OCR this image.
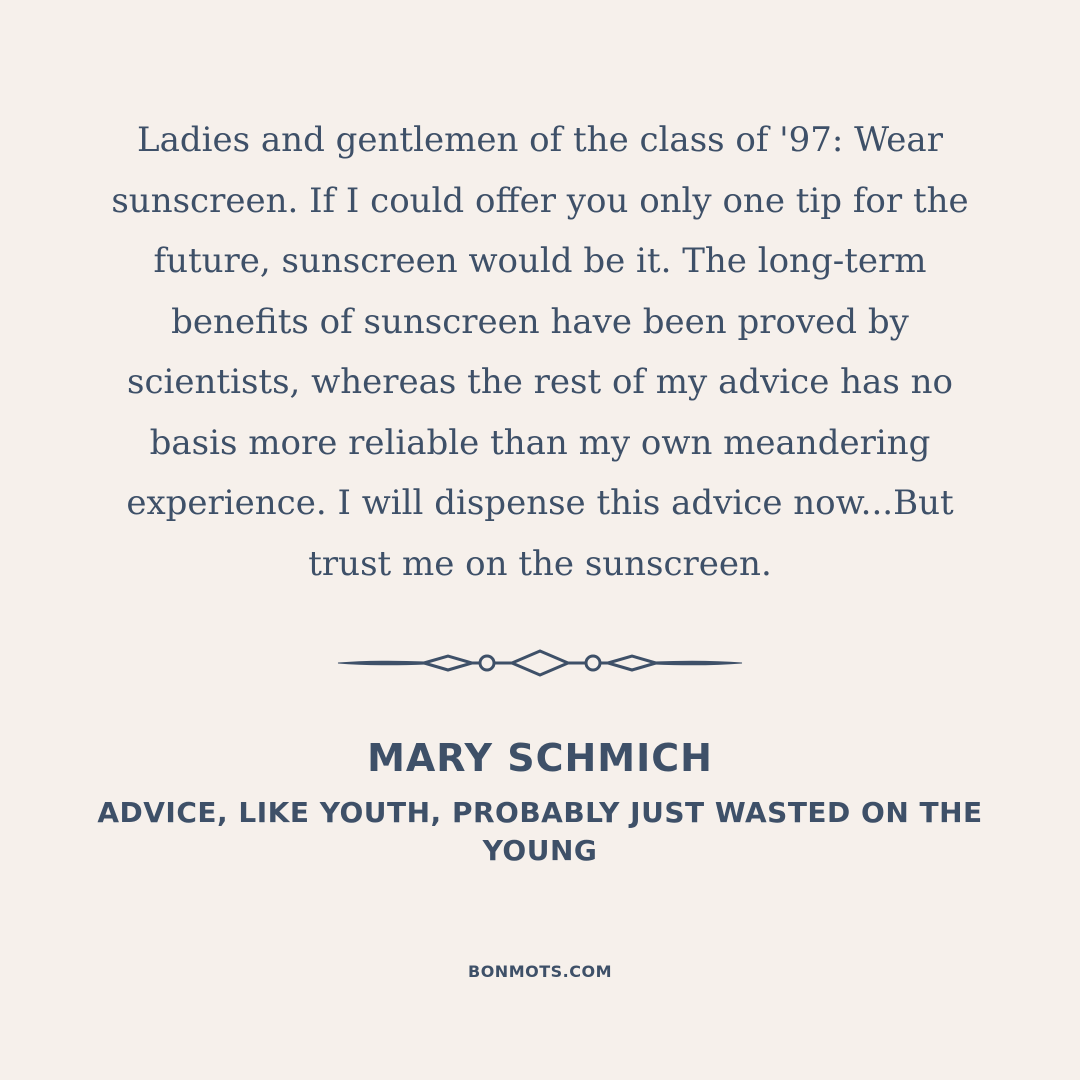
Ladies and gentlemen of the class of '97: Wear sunscreen. If I could offer you only one tip for the future, sunscreen would be it. The long-term benefits of sunscreen have been proved by scientists, whereas the rest of my advice has no basis more reliable than my own meandering experience. I will dispense this advice now...But trust me on the sunscreen.

MARY SCHMICH

ADVICE, LIKE YOUTH, PROBABLY JUST WASTED ON THE YOUNG

BONMOTS.COM
